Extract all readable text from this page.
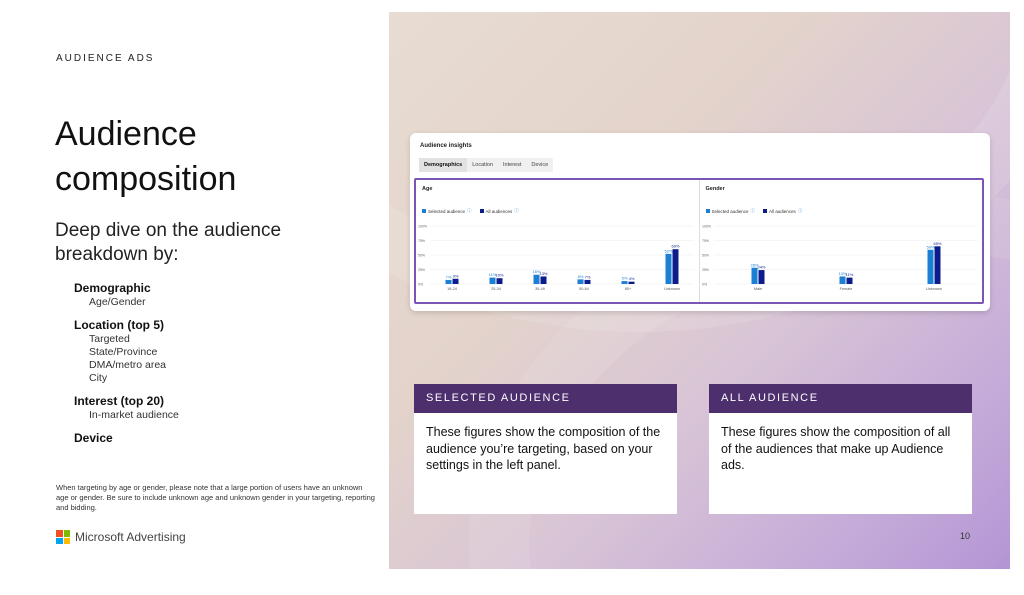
AUDIENCE ADS
Audience composition
Deep dive on the audience breakdown by:
Demographic
Age/Gender
Location (top 5)
Targeted
State/Province
DMA/metro area
City
Interest (top 20)
In-market audience
Device
When targeting by age or gender, please note that a large portion of users have an unknown age or gender. Be sure to include unknown age and unknown gender in your targeting, reporting and bidding.
Microsoft Advertising
Audience insights
Demographics	Location	Interest	Device
Age
Selected audience ⓘ	All audiences ⓘ
100%
75%
50%
25%
0%
7% 9%
18-24
11% 10%
25-34
16%
13%
35-49
8% 7%
50-64
5% 4%
65+
52%
60%
Unknown
Gender
Selected audience ⓘ	All audiences ⓘ
100%
75%
50%
25%
0%
28%
24%
Male
13% 11%
Female
59%
65%
Unknown
SELECTED AUDIENCE
These figures show the composition of the audience you’re targeting, based on your settings in the left panel.
ALL AUDIENCE
These figures show the composition of all of the audiences that make up Audience ads.
10
